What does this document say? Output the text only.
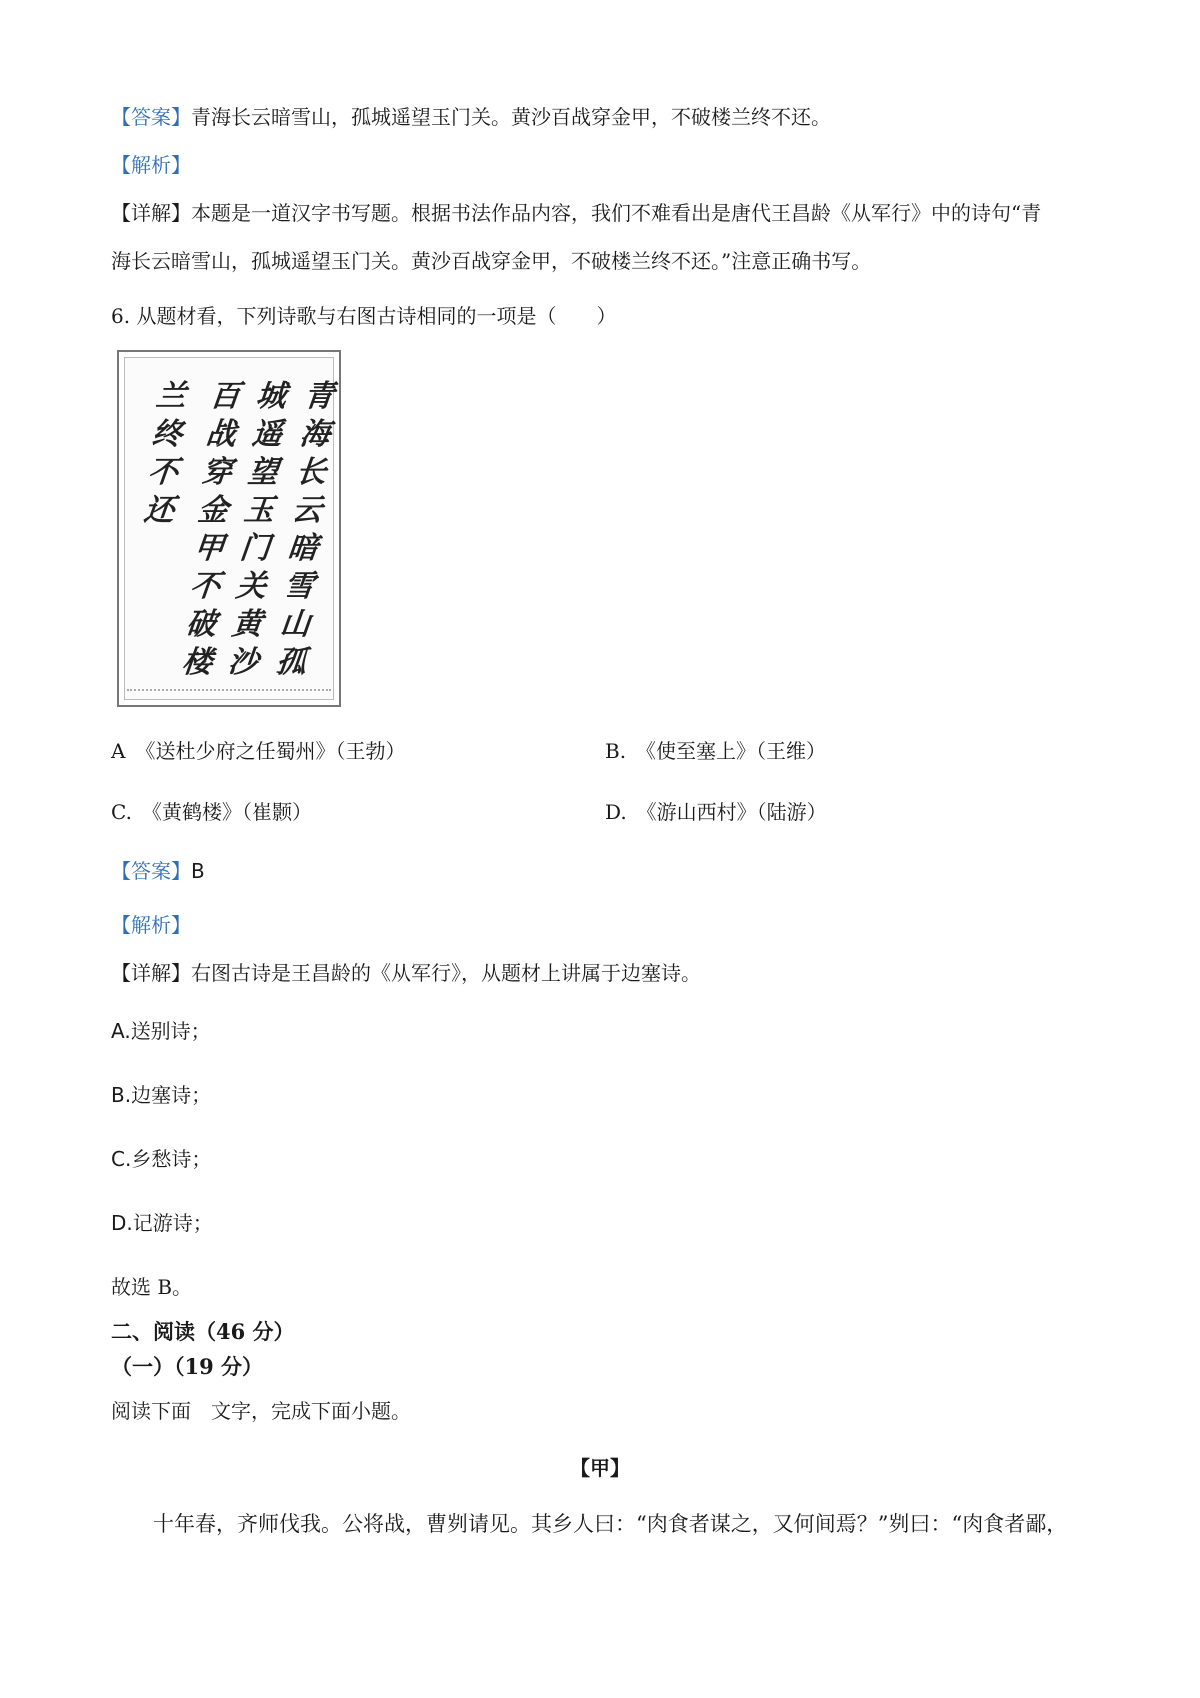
【答案】青海长云暗雪山，孤城遥望玉门关。黄沙百战穿金甲，不破楼兰终不还。
【解析】
【详解】本题是一道汉字书写题。根据书法作品内容，我们不难看出是唐代王昌龄《从军行》中的诗句“青
海长云暗雪山，孤城遥望玉门关。黄沙百战穿金甲，不破楼兰终不还。”注意正确书写。
6. 从题材看，下列诗歌与右图古诗相同的一项是（　　）
青
海
长
云
暗
雪
山
孤
城
遥
望
玉
门
关
黄
沙
百
战
穿
金
甲
不
破
楼
兰
终
不
还
A　《送杜少府之任蜀州》（王勃）	B.　《使至塞上》（王维）
C.　《黄鹤楼》（崔颢）	D.　《游山西村》（陆游）
【答案】B
【解析】
【详解】右图古诗是王昌龄的《从军行》，从题材上讲属于边塞诗。
A.送别诗；
B.边塞诗；
C.乡愁诗；
D.记游诗；
故选 B。
二、阅读（46 分）
（一）（19 分）
阅读下面　文字，完成下面小题。
【甲】
十年春，齐师伐我。公将战，曹刿请见。其乡人曰：“肉食者谋之，又何间焉？”刿曰：“肉食者鄙，
